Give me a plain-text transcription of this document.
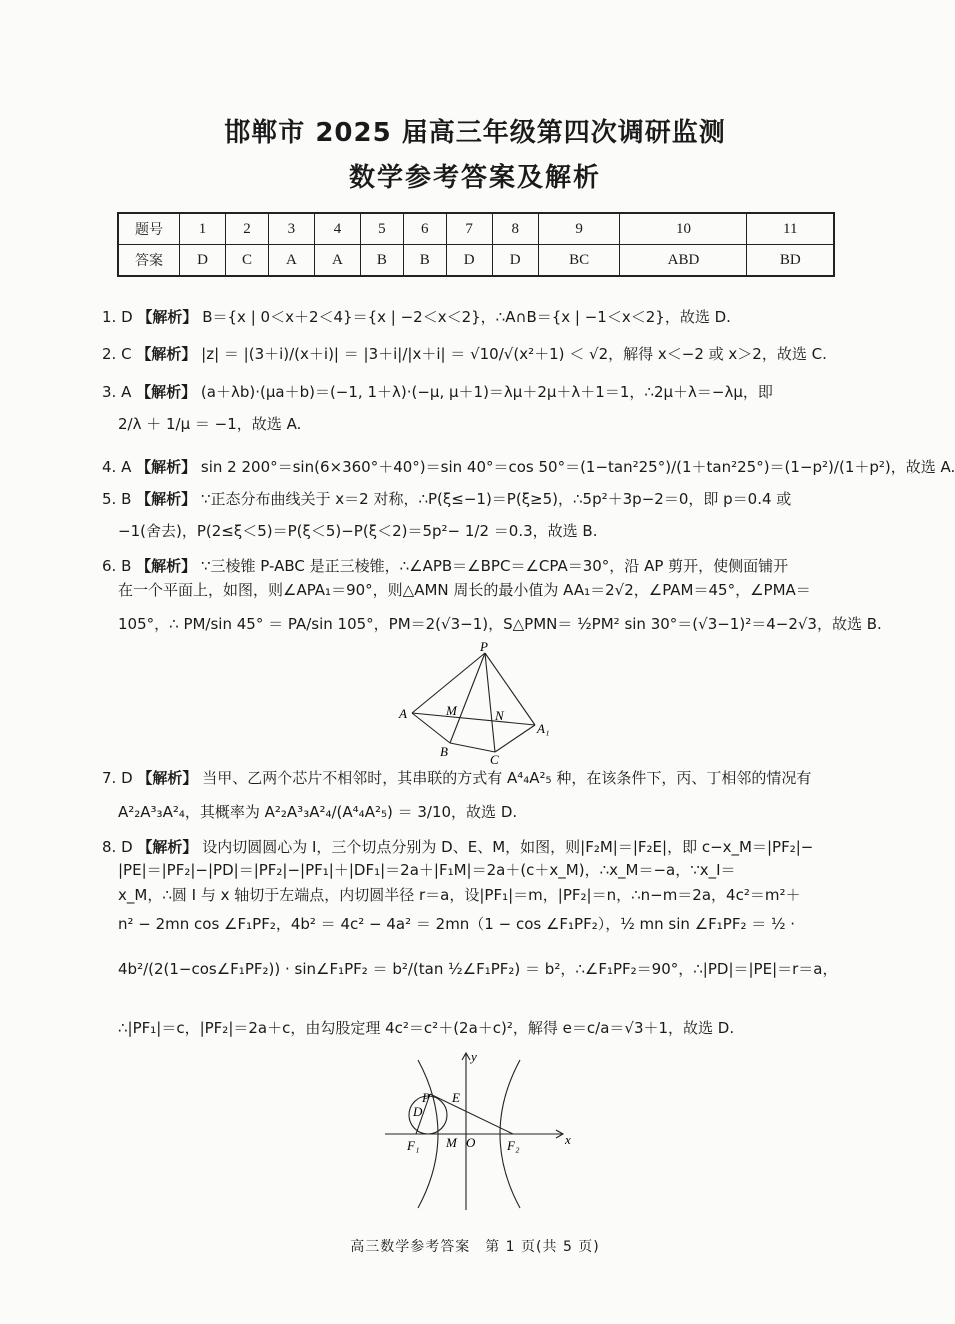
邯郸市 2025 届高三年级第四次调研监测
数学参考答案及解析
题号	1	2	3	4	5	6	7	8	9	10	11
答案	D	C	A	A	B	B	D	D	BC	ABD	BD
1. D 【解析】 B＝{x | 0＜x＋2＜4}＝{x | −2＜x＜2}，∴A∩B＝{x | −1＜x＜2}，故选 D.
2. C 【解析】 |z| ＝ |(3＋i)/(x＋i)| ＝ |3＋i|/|x＋i| ＝ √10/√(x²＋1) ＜ √2，解得 x＜−2 或 x＞2，故选 C.
3. A 【解析】 (a＋λb)·(μa＋b)＝(−1, 1＋λ)·(−μ, μ＋1)＝λμ＋2μ＋λ＋1＝1，∴2μ＋λ＝−λμ，即
2/λ ＋ 1/μ ＝ −1，故选 A.
4. A 【解析】 sin 2 200°＝sin(6×360°＋40°)＝sin 40°＝cos 50°＝(1−tan²25°)/(1＋tan²25°)＝(1−p²)/(1＋p²)，故选 A.
5. B 【解析】 ∵正态分布曲线关于 x＝2 对称，∴P(ξ≤−1)＝P(ξ≥5)，∴5p²＋3p−2＝0，即 p＝0.4 或
−1(舍去)，P(2≤ξ＜5)＝P(ξ＜5)−P(ξ＜2)＝5p²− 1/2 ＝0.3，故选 B.
6. B 【解析】 ∵三棱锥 P-ABC 是正三棱锥，∴∠APB＝∠BPC＝∠CPA＝30°，沿 AP 剪开，使侧面铺开
在一个平面上，如图，则∠APA₁＝90°，则△AMN 周长的最小值为 AA₁＝2√2，∠PAM＝45°，∠PMA＝
105°，∴ PM/sin 45° ＝ PA/sin 105°，PM＝2(√3−1)，S△PMN＝ ½PM² sin 30°＝(√3−1)²＝4−2√3，故选 B.
P
A	M	N
A₁
B
C
7. D 【解析】 当甲、乙两个芯片不相邻时，其串联的方式有 A⁴₄A²₅ 种，在该条件下，丙、丁相邻的情况有
A²₂A³₃A²₄，其概率为 A²₂A³₃A²₄/(A⁴₄A²₅) ＝ 3/10，故选 D.
8. D 【解析】 设内切圆圆心为 I，三个切点分别为 D、E、M，如图，则|F₂M|＝|F₂E|，即 c−x_M＝|PF₂|−
|PE|＝|PF₂|−|PD|＝|PF₂|−|PF₁|＋|DF₁|＝2a＋|F₁M|＝2a＋(c＋x_M)，∴x_M＝−a，∵x_I＝
x_M，∴圆 I 与 x 轴切于左端点，内切圆半径 r＝a，设|PF₁|＝m，|PF₂|＝n，∴n−m＝2a，4c²＝m²＋
n² − 2mn cos ∠F₁PF₂，4b² ＝ 4c² − 4a² ＝ 2mn（1 − cos ∠F₁PF₂），½ mn sin ∠F₁PF₂ ＝ ½ ·
4b²/(2(1−cos∠F₁PF₂)) · sin∠F₁PF₂ ＝ b²/(tan ½∠F₁PF₂) ＝ b²，∴∠F₁PF₂＝90°，∴|PD|＝|PE|＝r＝a，
∴|PF₁|＝c，|PF₂|＝2a＋c，由勾股定理 4c²＝c²＋(2a＋c)²，解得 e＝c/a＝√3＋1，故选 D.
y
x
P E
D
F₁ M O F₂
高三数学参考答案　第 1 页(共 5 页)
